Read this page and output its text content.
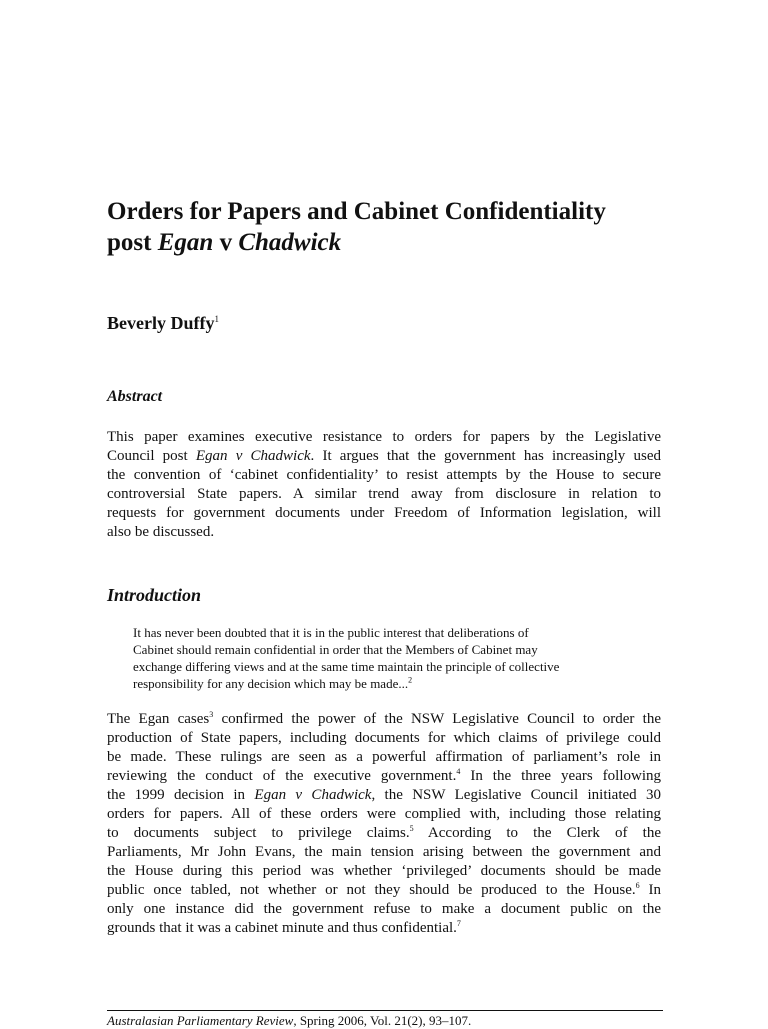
Orders for Papers and Cabinet Confidentiality
post Egan v Chadwick

Beverly Duffy$^1$

Abstract

This paper examines executive resistance to orders for papers by the Legislative
Council post Egan v Chadwick. It argues that the government has increasingly used
the convention of ‘cabinet confidentiality’ to resist attempts by the House to secure
controversial State papers. A similar trend away from disclosure in relation to
requests for government documents under Freedom of Information legislation, will
also be discussed.

Introduction
It has never been doubted that it is in the public interest that deliberations of
Cabinet should remain confidential in order that the Members of Cabinet may
exchange differing views and at the same time maintain the principle of collective
responsibility for any decision which may be made...$^2$

The Egan cases$^3$ confirmed the power of the NSW Legislative Council to order the
production of State papers, including documents for which claims of privilege could
be made. These rulings are seen as a powerful affirmation of parliament’s role in
reviewing the conduct of the executive government.$^4$ In the three years following
the 1999 decision in Egan v Chadwick, the NSW Legislative Council initiated 30
orders for papers. All of these orders were complied with, including those relating
to documents subject to privilege claims.$^5$ According to the Clerk of the
Parliaments, Mr John Evans, the main tension arising between the government and
the House during this period was whether ‘privileged’ documents should be made
public once tabled, not whether or not they should be produced to the House.$^6$ In
only one instance did the government refuse to make a document public on the
grounds that it was a cabinet minute and thus confidential.$^7$

Australasian Parliamentary Review, Spring 2006, Vol. 21(2), 93–107.
